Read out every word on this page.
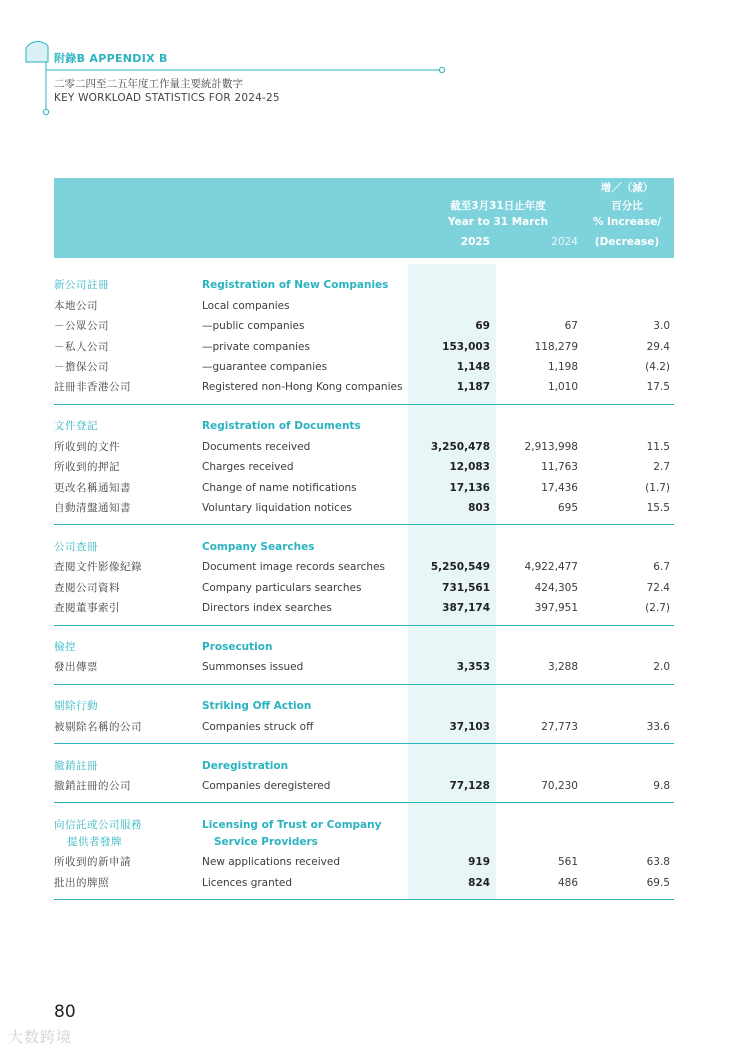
附錄B APPENDIX B
二零二四至二五年度工作量主要統計數字
KEY WORKLOAD STATISTICS FOR 2024-25
截至3月31日止年度
Year to 31 March
2025	2024
增／（減）
百分比
% Increase/
(Decrease)
新公司註冊	Registration of New Companies
本地公司	Local companies
－公眾公司	—public companies	69	67	3.0
－私人公司	—private companies	153,003	118,279	29.4
－擔保公司	—guarantee companies	1,148	1,198	(4.2)
註冊非香港公司	Registered non-Hong Kong companies	1,187	1,010	17.5
文件登記	Registration of Documents
所收到的文件	Documents received	3,250,478	2,913,998	11.5
所收到的押記	Charges received	12,083	11,763	2.7
更改名稱通知書	Change of name notifications	17,136	17,436	(1.7)
自動清盤通知書	Voluntary liquidation notices	803	695	15.5
公司查冊	Company Searches
查閱文件影像紀錄	Document image records searches	5,250,549	4,922,477	6.7
查閱公司資料	Company particulars searches	731,561	424,305	72.4
查閱董事索引	Directors index searches	387,174	397,951	(2.7)
檢控	Prosecution
發出傳票	Summonses issued	3,353	3,288	2.0
剔除行動	Striking Off Action
被剔除名稱的公司	Companies struck off	37,103	27,773	33.6
撤銷註冊	Deregistration
撤銷註冊的公司	Companies deregistered	77,128	70,230	9.8
向信託或公司服務	Licensing of Trust or Company
提供者發牌	Service Providers
所收到的新申請	New applications received	919	561	63.8
批出的牌照	Licences granted	824	486	69.5
80
大数跨境
